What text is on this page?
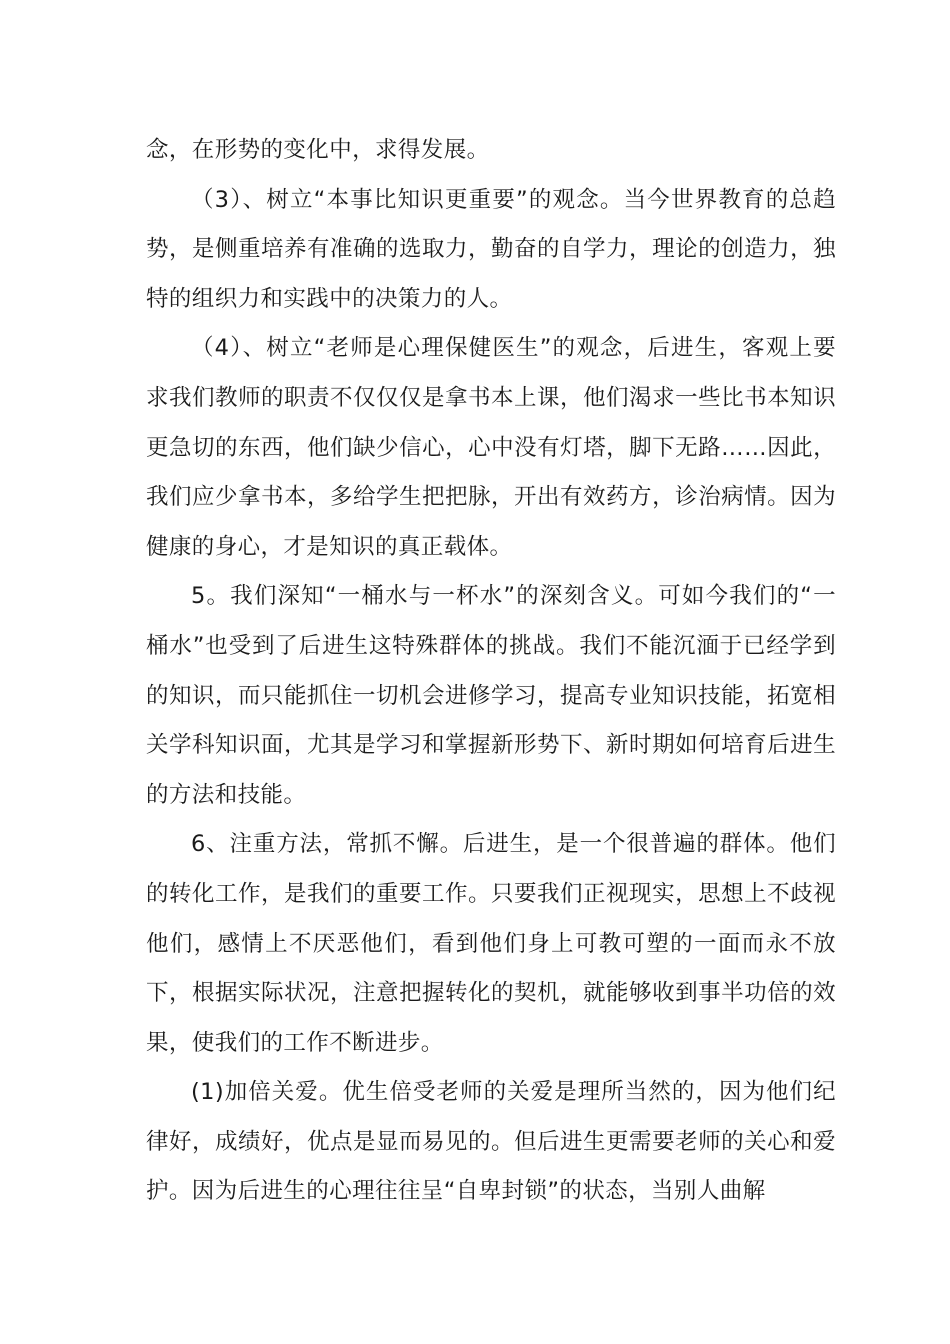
念，在形势的变化中，求得发展。

（3）、树立“本事比知识更重要”的观念。当今世界教育的总趋势，是侧重培养有准确的选取力，勤奋的自学力，理论的创造力，独特的组织力和实践中的决策力的人。

（4）、树立“老师是心理保健医生”的观念，后进生，客观上要求我们教师的职责不仅仅仅是拿书本上课，他们渴求一些比书本知识更急切的东西，他们缺少信心，心中没有灯塔，脚下无路……因此，我们应少拿书本，多给学生把把脉，开出有效药方，诊治病情。因为健康的身心，才是知识的真正载体。

5。我们深知“一桶水与一杯水”的深刻含义。可如今我们的“一桶水”也受到了后进生这特殊群体的挑战。我们不能沉湎于已经学到的知识，而只能抓住一切机会进修学习，提高专业知识技能，拓宽相关学科知识面，尤其是学习和掌握新形势下、新时期如何培育后进生的方法和技能。

6、注重方法，常抓不懈。后进生，是一个很普遍的群体。他们的转化工作，是我们的重要工作。只要我们正视现实，思想上不歧视他们，感情上不厌恶他们，看到他们身上可教可塑的一面而永不放下，根据实际状况，注意把握转化的契机，就能够收到事半功倍的效果，使我们的工作不断进步。

(1)加倍关爱。优生倍受老师的关爱是理所当然的，因为他们纪律好，成绩好，优点是显而易见的。但后进生更需要老师的关心和爱护。因为后进生的心理往往呈“自卑封锁”的状态，当别人曲解
